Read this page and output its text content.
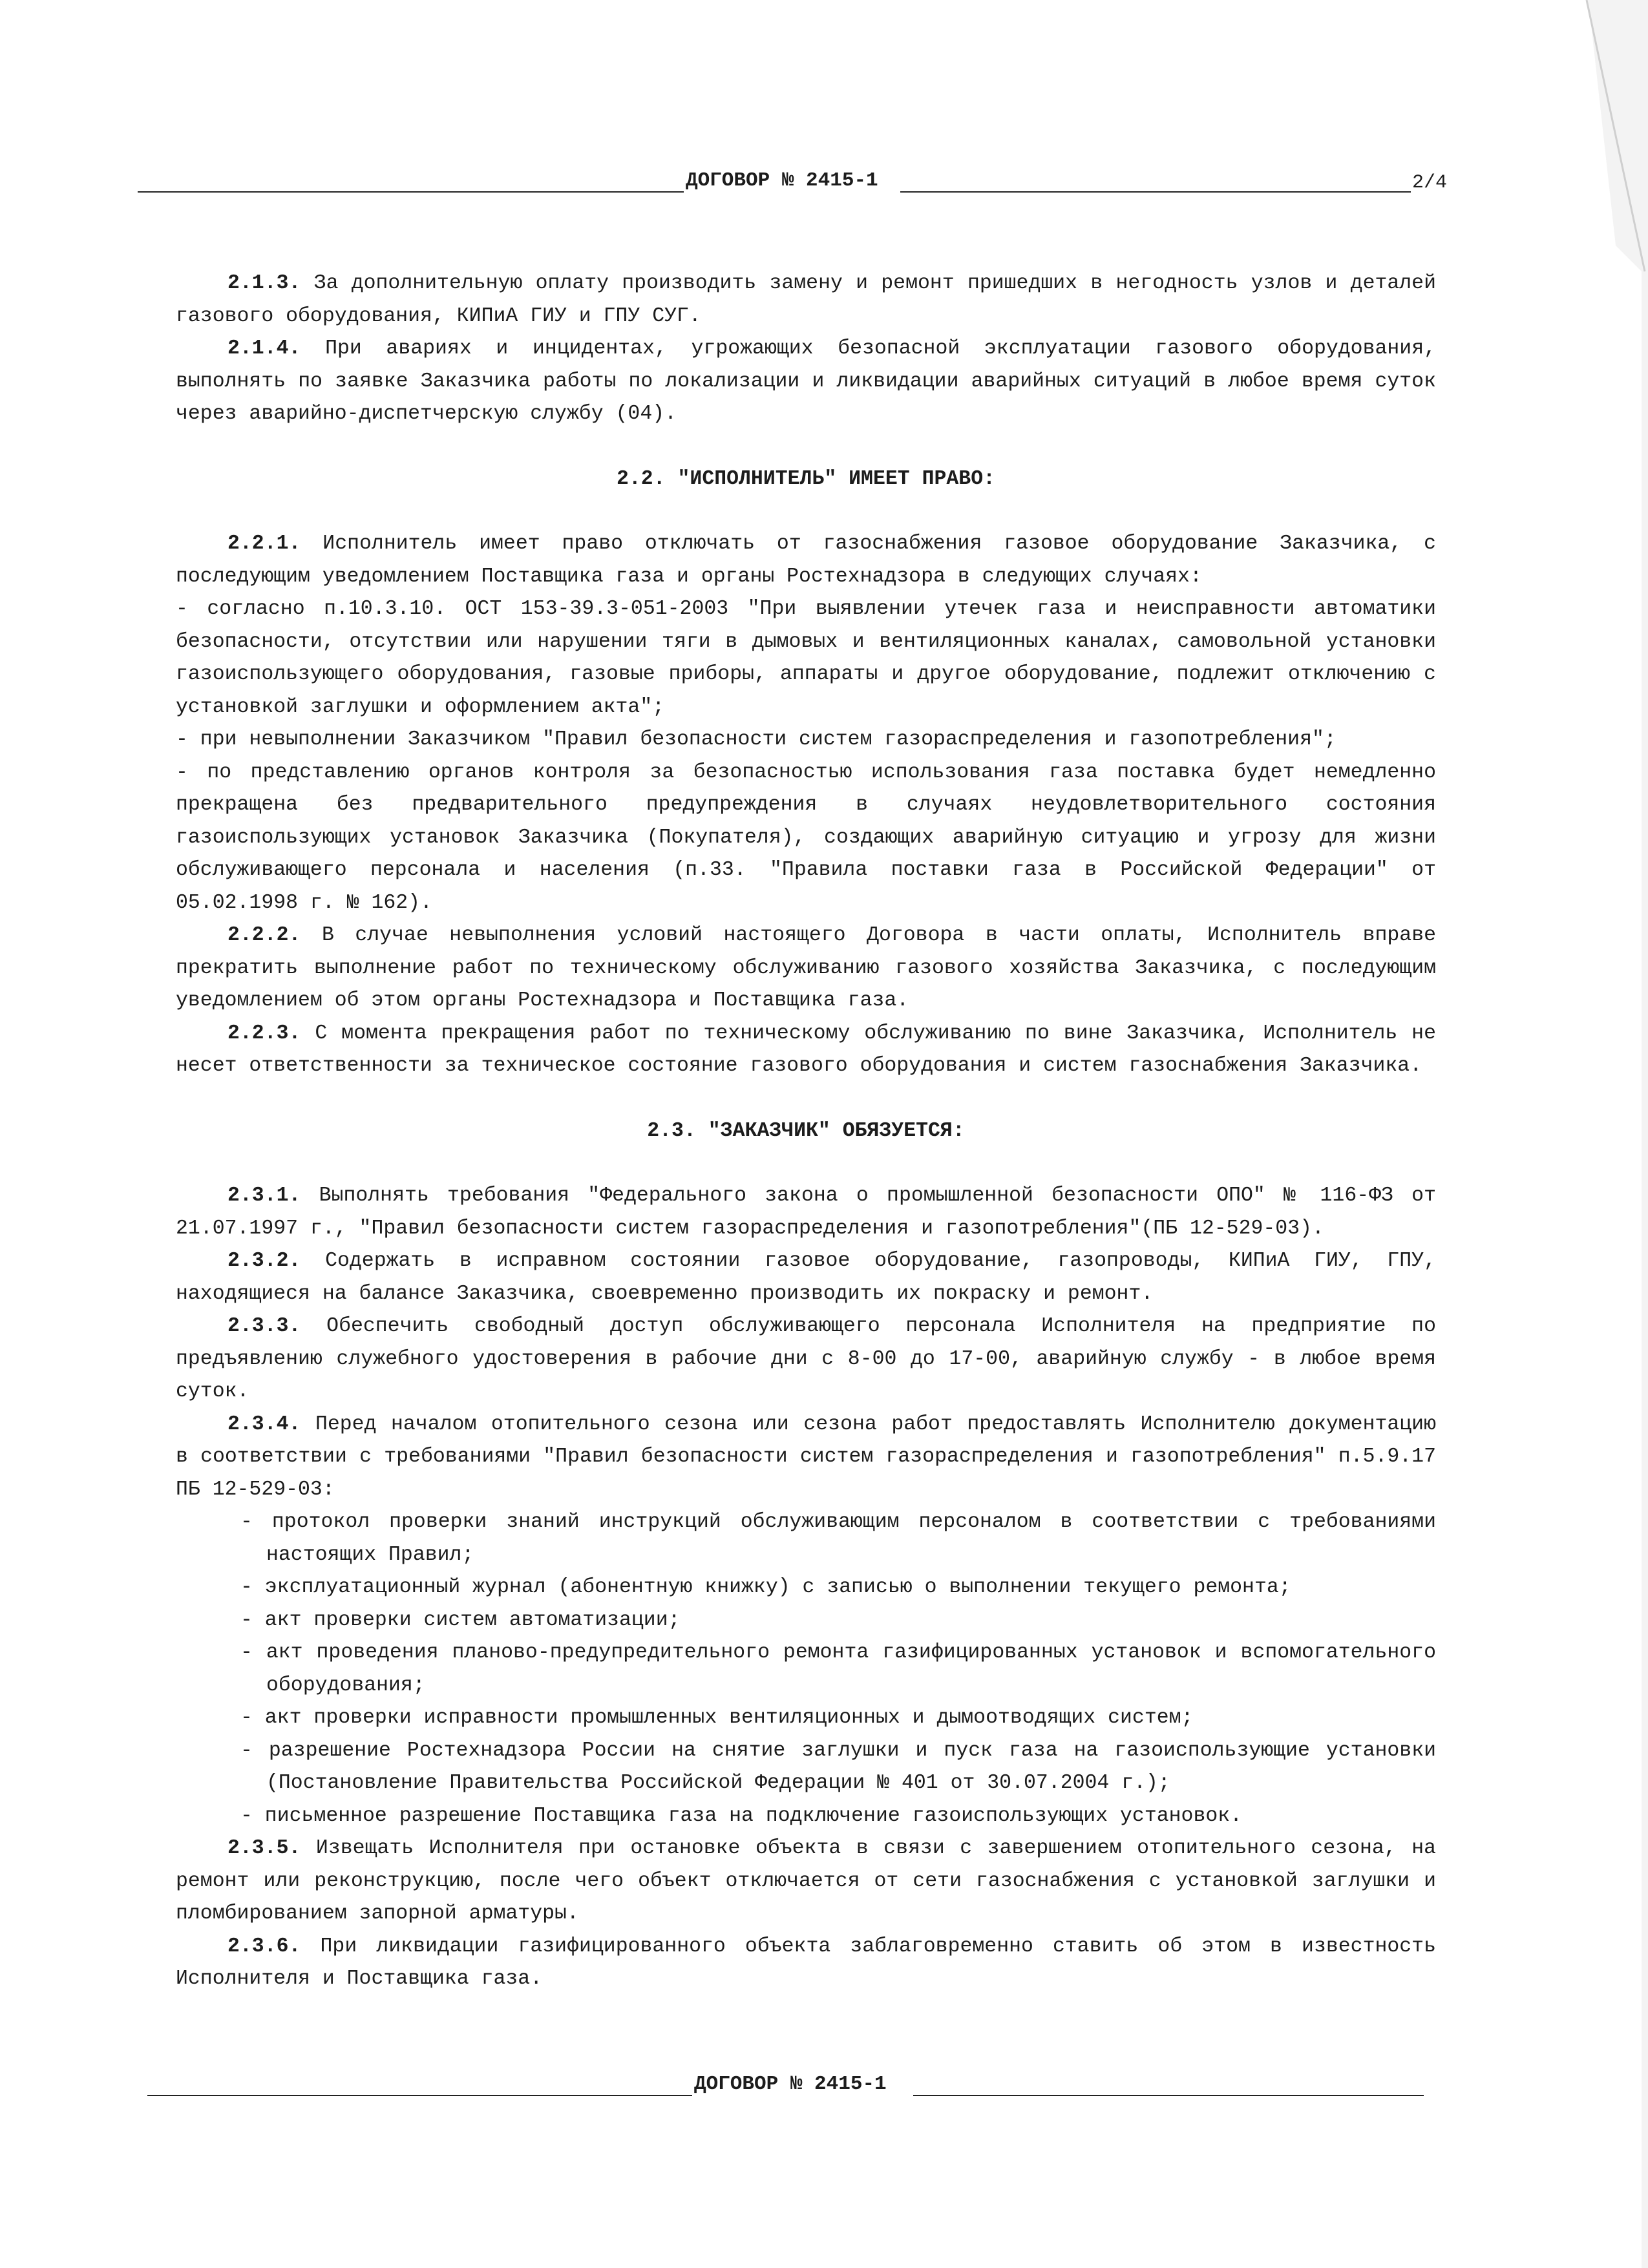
ДОГОВОР № 2415-1	2/4

2.1.3. За дополнительную оплату производить замену и ремонт пришедших в негодность узлов и деталей газового оборудования, КИПиА ГИУ и ГПУ СУГ.

2.1.4. При авариях и инцидентах, угрожающих безопасной эксплуатации газового оборудования, выполнять по заявке Заказчика работы по локализации и ликвидации аварийных ситуаций в любое время суток через аварийно-диспетчерскую службу (04).

2.2. "ИСПОЛНИТЕЛЬ" ИМЕЕТ ПРАВО:

2.2.1. Исполнитель имеет право отключать от газоснабжения газовое оборудование Заказчика, с последующим уведомлением Поставщика газа и органы Ростехнадзора в следующих случаях:

- согласно п.10.3.10. ОСТ 153-39.3-051-2003 "При выявлении утечек газа и неисправности автоматики безопасности, отсутствии или нарушении тяги в дымовых и вентиляционных каналах, самовольной установки газоиспользующего оборудования, газовые приборы, аппараты и другое оборудование, подлежит отключению с установкой заглушки и оформлением акта";

- при невыполнении Заказчиком "Правил безопасности систем газораспределения и газопотребления";

- по представлению органов контроля за безопасностью использования газа поставка будет немедленно прекращена без предварительного предупреждения в случаях неудовлетворительного состояния газоиспользующих установок Заказчика (Покупателя), создающих аварийную ситуацию и угрозу для жизни обслуживающего персонала и населения (п.33. "Правила поставки газа в Российской Федерации" от 05.02.1998 г. № 162).

2.2.2. В случае невыполнения условий настоящего Договора в части оплаты, Исполнитель вправе прекратить выполнение работ по техническому обслуживанию газового хозяйства Заказчика, с последующим уведомлением об этом органы Ростехнадзора и Поставщика газа.

2.2.3. С момента прекращения работ по техническому обслуживанию по вине Заказчика, Исполнитель не несет ответственности за техническое состояние газового оборудования и систем газоснабжения Заказчика.

2.3. "ЗАКАЗЧИК" ОБЯЗУЕТСЯ:

2.3.1. Выполнять требования "Федерального закона о промышленной безопасности ОПО" № 116-ФЗ от 21.07.1997 г., "Правил безопасности систем газораспределения и газопотребления"(ПБ 12-529-03).

2.3.2. Содержать в исправном состоянии газовое оборудование, газопроводы, КИПиА ГИУ, ГПУ, находящиеся на балансе Заказчика, своевременно производить их покраску и ремонт.

2.3.3. Обеспечить свободный доступ обслуживающего персонала Исполнителя на предприятие по предъявлению служебного удостоверения в рабочие дни с 8-00 до 17-00, аварийную службу - в любое время суток.

2.3.4. Перед началом отопительного сезона или сезона работ предоставлять Исполнителю документацию в соответствии с требованиями "Правил безопасности систем газораспределения и газопотребления" п.5.9.17 ПБ 12-529-03:

- протокол проверки знаний инструкций обслуживающим персоналом в соответствии с требованиями настоящих Правил;

- эксплуатационный журнал (абонентную книжку) с записью о выполнении текущего ремонта;

- акт проверки систем автоматизации;

- акт проведения планово-предупредительного ремонта газифицированных установок и вспомогательного оборудования;

- акт проверки исправности промышленных вентиляционных и дымоотводящих систем;

- разрешение Ростехнадзора России на снятие заглушки и пуск газа на газоиспользующие установки (Постановление Правительства Российской Федерации № 401 от 30.07.2004 г.);

- письменное разрешение Поставщика газа на подключение газоиспользующих установок.

2.3.5. Извещать Исполнителя при остановке объекта в связи с завершением отопительного сезона, на ремонт или реконструкцию, после чего объект отключается от сети газоснабжения с установкой заглушки и пломбированием запорной арматуры.

2.3.6. При ликвидации газифицированного объекта заблаговременно ставить об этом в известность Исполнителя и Поставщика газа.

ДОГОВОР № 2415-1
